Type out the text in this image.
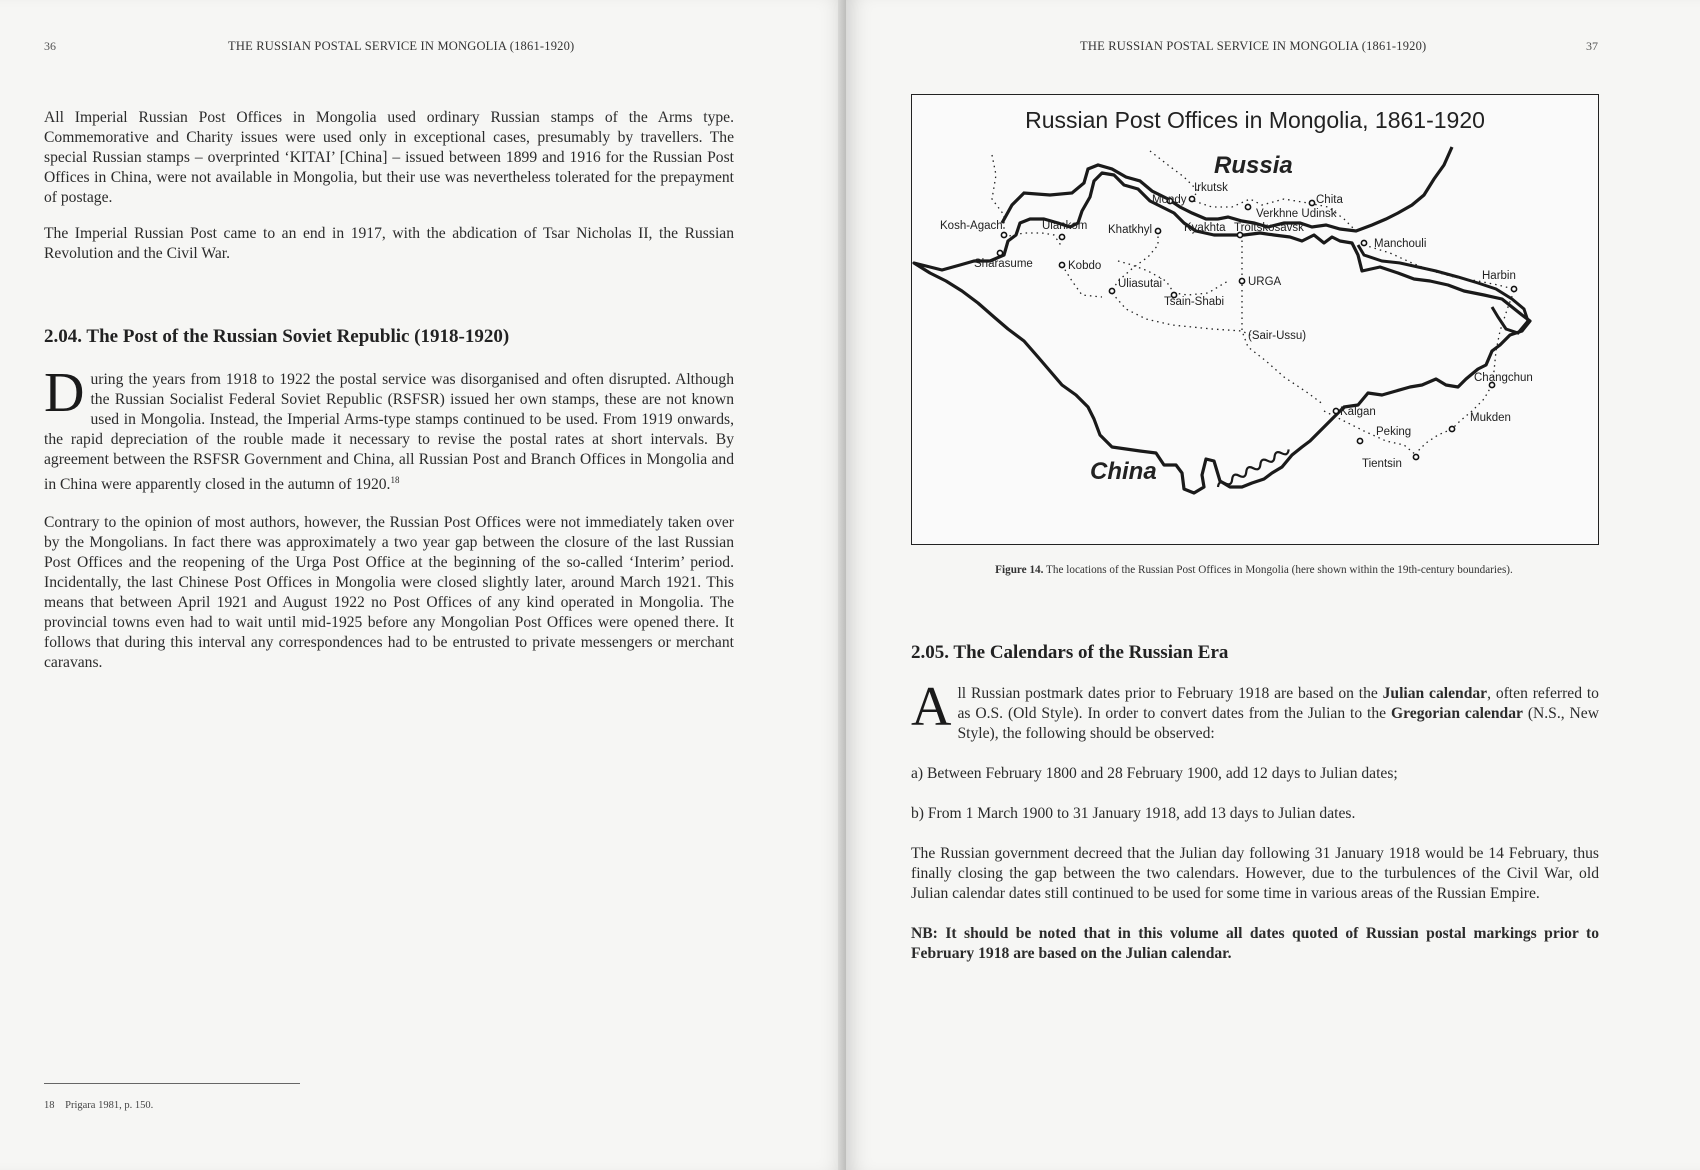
36	THE RUSSIAN POSTAL SERVICE IN MONGOLIA (1861-1920)

All Imperial Russian Post Offices in Mongolia used ordinary Russian stamps of the Arms type. Commemorative and Charity issues were used only in exceptional cases, presumably by travellers. The special Russian stamps – overprinted ‘KITAI’ [China] – issued between 1899 and 1916 for the Russian Post Offices in China, were not available in Mongolia, but their use was nevertheless tolerated for the prepayment of postage.

The Imperial Russian Post came to an end in 1917, with the abdication of Tsar Nicholas II, the Russian Revolution and the Civil War.

2.04. The Post of the Russian Soviet Republic (1918-1920)

D uring the years from 1918 to 1922 the postal service was disorganised and often disrupted. Although the Russian Socialist Federal Soviet Republic (RSFSR) issued her own stamps, these are not known used in Mongolia. Instead, the Imperial Arms-type stamps continued to be used. From 1919 onwards, the rapid depreciation of the rouble made it necessary to revise the postal rates at short intervals. By agreement between the RSFSR Government and China, all Russian Post and Branch Offices in Mongolia and in China were apparently closed in the autumn of 1920.18

Contrary to the opinion of most authors, however, the Russian Post Offices were not immediately taken over by the Mongolians. In fact there was approximately a two year gap between the closure of the last Russian Post Offices and the reopening of the Urga Post Office at the beginning of the so-called ‘Interim’ period. Incidentally, the last Chinese Post Offices in Mongolia were closed slightly later, around March 1921. This means that between April 1921 and August 1922 no Post Offices of any kind operated in Mongolia. The provincial towns even had to wait until mid-1925 before any Mongolian Post Offices were opened there. It follows that during this interval any correspondences had to be entrusted to private messengers or merchant caravans.

18 Prigara 1981, p. 150.
THE RUSSIAN POSTAL SERVICE IN MONGOLIA (1861-1920)	37
Russian Post Offices in Mongolia, 1861-1920
Russia
China
Irkutsk
Mondy	Chita
Verkhne Udinsk
Kosh-Agach	Ulankom Khatkhyl	Kyakhta Troitskosavsk
Manchouli
Sharasume	Kobdo
Harbin
Uliasutai	URGA
Tsain-Shabi
(Sair-Ussu)
Changchun
Kalgan	Mukden
Peking
Tientsin
Figure 14. The locations of the Russian Post Offices in Mongolia (here shown within the 19th-century boundaries).
2.05. The Calendars of the Russian Era

A ll Russian postmark dates prior to February 1918 are based on the Julian calendar, often referred to as O.S. (Old Style). In order to convert dates from the Julian to the Gregorian calendar (N.S., New Style), the following should be observed:

a) Between February 1800 and 28 February 1900, add 12 days to Julian dates;

b) From 1 March 1900 to 31 January 1918, add 13 days to Julian dates.

The Russian government decreed that the Julian day following 31 January 1918 would be 14 February, thus finally closing the gap between the two calendars. However, due to the turbulences of the Civil War, old Julian calendar dates still continued to be used for some time in various areas of the Russian Empire.

NB: It should be noted that in this volume all dates quoted of Russian postal markings prior to February 1918 are based on the Julian calendar.
